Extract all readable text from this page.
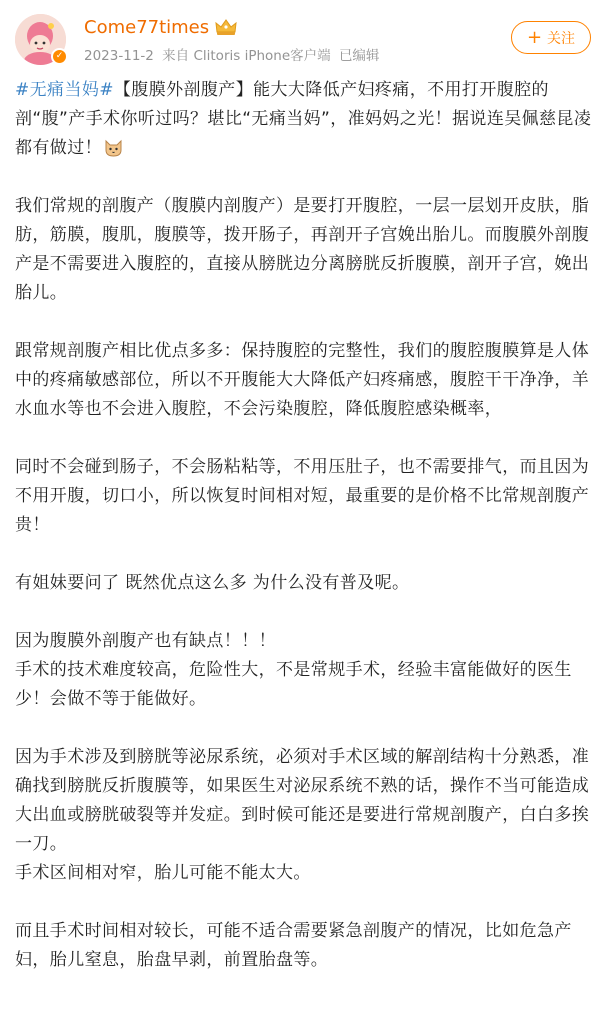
✓
Come77times
2023-11-2 来自 Clitoris iPhone客户端 已编辑
+ 关注

#无痛当妈#【腹膜外剖腹产】能大大降低产妇疼痛，不用打开腹腔的剖“腹”产手术你听过吗？堪比“无痛当妈”，准妈妈之光！据说连吴佩慈昆凌都有做过！

我们常规的剖腹产（腹膜内剖腹产）是要打开腹腔，一层一层划开皮肤，脂肪，筋膜，腹肌，腹膜等，拨开肠子，再剖开子宫娩出胎儿。而腹膜外剖腹产是不需要进入腹腔的，直接从膀胱边分离膀胱反折腹膜，剖开子宫，娩出胎儿。

跟常规剖腹产相比优点多多：保持腹腔的完整性，我们的腹腔腹膜算是人体中的疼痛敏感部位，所以不开腹能大大降低产妇疼痛感，腹腔干干净净，羊水血水等也不会进入腹腔，不会污染腹腔，降低腹腔感染概率，

同时不会碰到肠子，不会肠粘粘等，不用压肚子，也不需要排气，而且因为不用开腹，切口小，所以恢复时间相对短，最重要的是价格不比常规剖腹产贵！

有姐妹要问了 既然优点这么多 为什么没有普及呢。

因为腹膜外剖腹产也有缺点！！！
手术的技术难度较高，危险性大，不是常规手术，经验丰富能做好的医生少！会做不等于能做好。

因为手术涉及到膀胱等泌尿系统，必须对手术区域的解剖结构十分熟悉，准确找到膀胱反折腹膜等，如果医生对泌尿系统不熟的话，操作不当可能造成大出血或膀胱破裂等并发症。到时候可能还是要进行常规剖腹产，白白多挨一刀。
手术区间相对窄，胎儿可能不能太大。

而且手术时间相对较长，可能不适合需要紧急剖腹产的情况，比如危急产妇，胎儿窒息，胎盘早剥，前置胎盘等。
